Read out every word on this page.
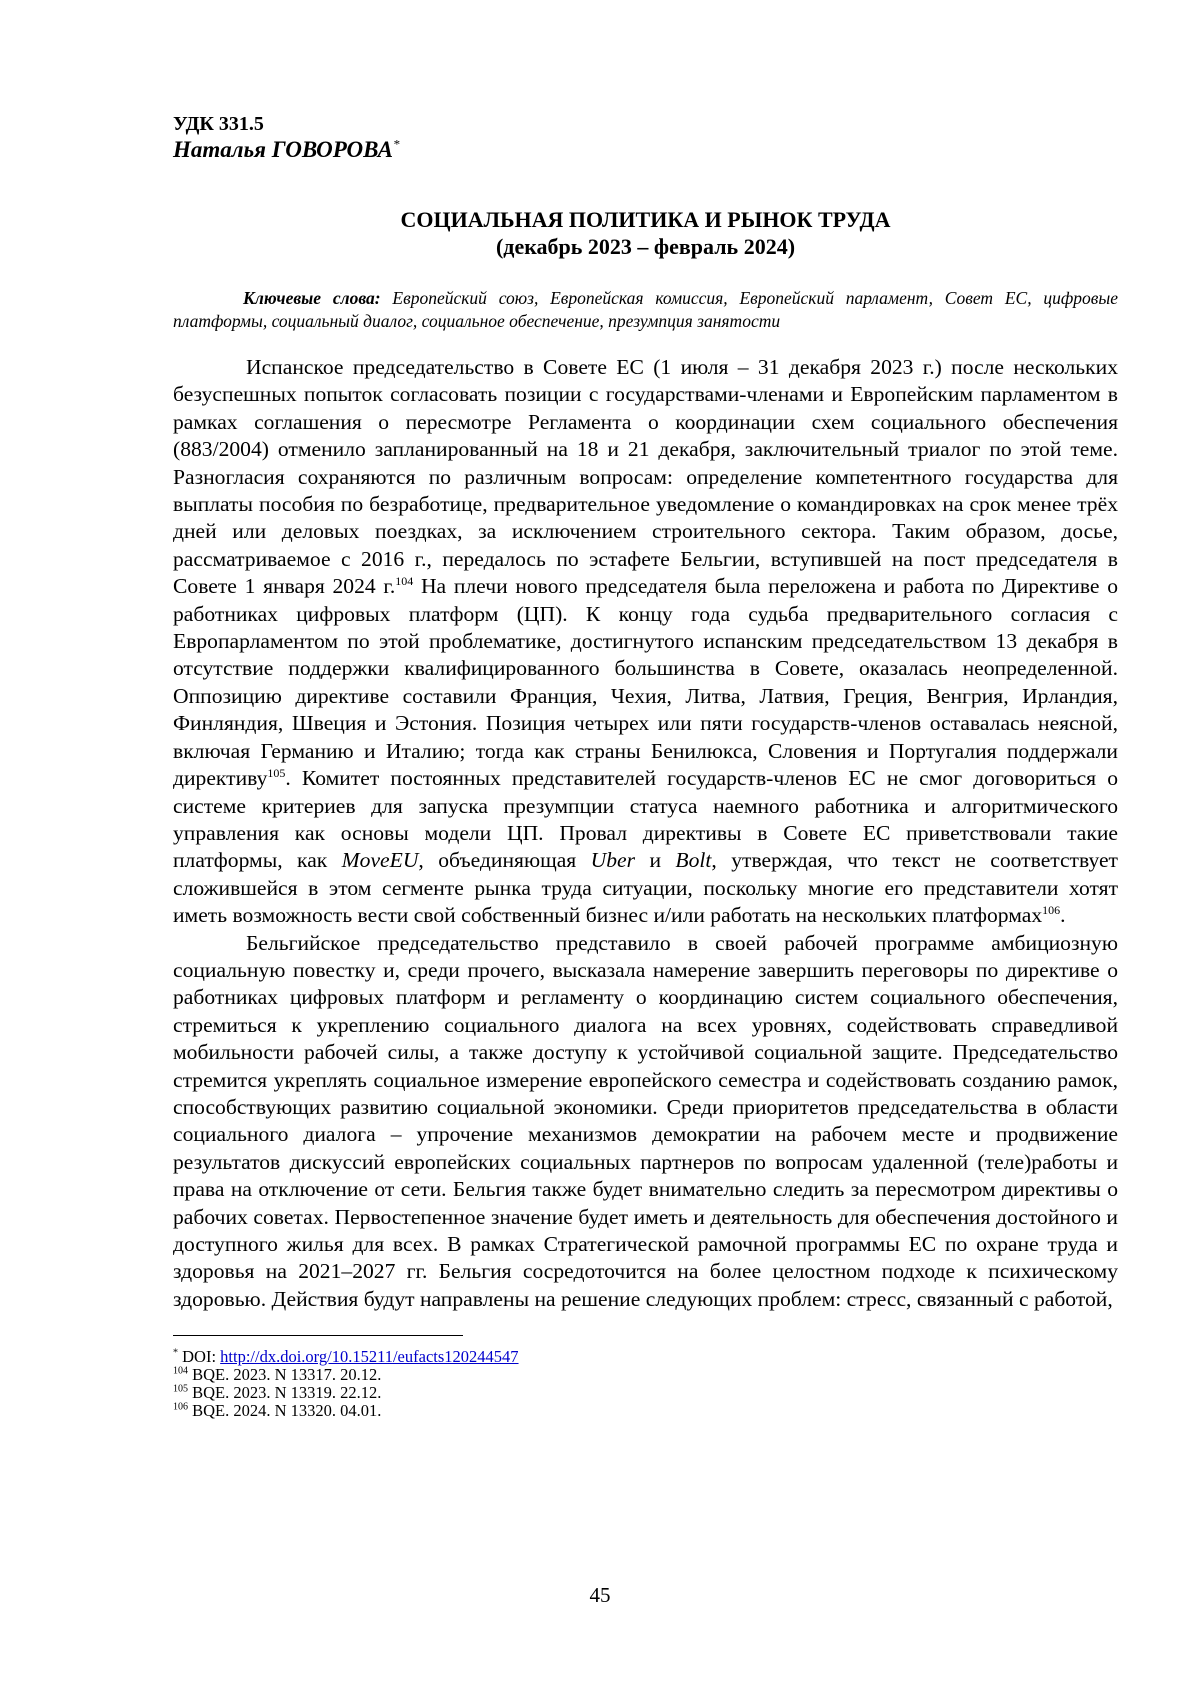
УДК 331.5

Наталья ГОВОРОВА*

СОЦИАЛЬНАЯ ПОЛИТИКА И РЫНОК ТРУДА
(декабрь 2023 – февраль 2024)

Ключевые слова: Европейский союз, Европейская комиссия, Европейский парламент, Совет ЕС, цифровые платформы, социальный диалог, социальное обеспечение, презумпция занятости

Испанское председательство в Совете ЕС (1 июля – 31 декабря 2023 г.) после нескольких безуспешных попыток согласовать позиции с государствами-членами и Европейским парламентом в рамках соглашения о пересмотре Регламента о координации схем социального обеспечения (883/2004) отменило запланированный на 18 и 21 декабря, заключительный триалог по этой теме. Разногласия сохраняются по различным вопросам: определение компетентного государства для выплаты пособия по безработице, предварительное уведомление о командировках на срок менее трёх дней или деловых поездках, за исключением строительного сектора. Таким образом, досье, рассматриваемое с 2016 г., передалось по эстафете Бельгии, вступившей на пост председателя в Совете 1 января 2024 г.$^{104}$ На плечи нового председателя была переложена и работа по Директиве о работниках цифровых платформ (ЦП). К концу года судьба предварительного согласия с Европарламентом по этой проблематике, достигнутого испанским председательством 13 декабря в отсутствие поддержки квалифицированного большинства в Совете, оказалась неопределенной. Оппозицию директиве составили Франция, Чехия, Литва, Латвия, Греция, Венгрия, Ирландия, Финляндия, Швеция и Эстония. Позиция четырех или пяти государств-членов оставалась неясной, включая Германию и Италию; тогда как страны Бенилюкса, Словения и Португалия поддержали директиву$^{105}$. Комитет постоянных представителей государств-членов ЕС не смог договориться о системе критериев для запуска презумпции статуса наемного работника и алгоритмического управления как основы модели ЦП. Провал директивы в Совете ЕС приветствовали такие платформы, как MoveEU, объединяющая Uber и Bolt, утверждая, что текст не соответствует сложившейся в этом сегменте рынка труда ситуации, поскольку многие его представители хотят иметь возможность вести свой собственный бизнес и/или работать на нескольких платформах$^{106}$.

Бельгийское председательство представило в своей рабочей программе амбициозную социальную повестку и, среди прочего, высказала намерение завершить переговоры по директиве о работниках цифровых платформ и регламенту о координацию систем социального обеспечения, стремиться к укреплению социального диалога на всех уровнях, содействовать справедливой мобильности рабочей силы, а также доступу к устойчивой социальной защите. Председательство стремится укреплять социальное измерение европейского семестра и содействовать созданию рамок, способствующих развитию социальной экономики. Среди приоритетов председательства в области социального диалога – упрочение механизмов демократии на рабочем месте и продвижение результатов дискуссий европейских социальных партнеров по вопросам удаленной (теле)работы и права на отключение от сети. Бельгия также будет внимательно следить за пересмотром директивы о рабочих советах. Первостепенное значение будет иметь и деятельность для обеспечения достойного и доступного жилья для всех. В рамках Стратегической рамочной программы ЕС по охране труда и здоровья на 2021–2027 гг. Бельгия сосредоточится на более целостном подходе к психическому здоровью. Действия будут направлены на решение следующих проблем: стресс, связанный с работой,

* DOI: http://dx.doi.org/10.15211/eufacts120244547

$^{104}$ BQE. 2023. N 13317. 20.12.

$^{105}$ BQE. 2023. N 13319. 22.12.

$^{106}$ BQE. 2024. N 13320. 04.01.

45
